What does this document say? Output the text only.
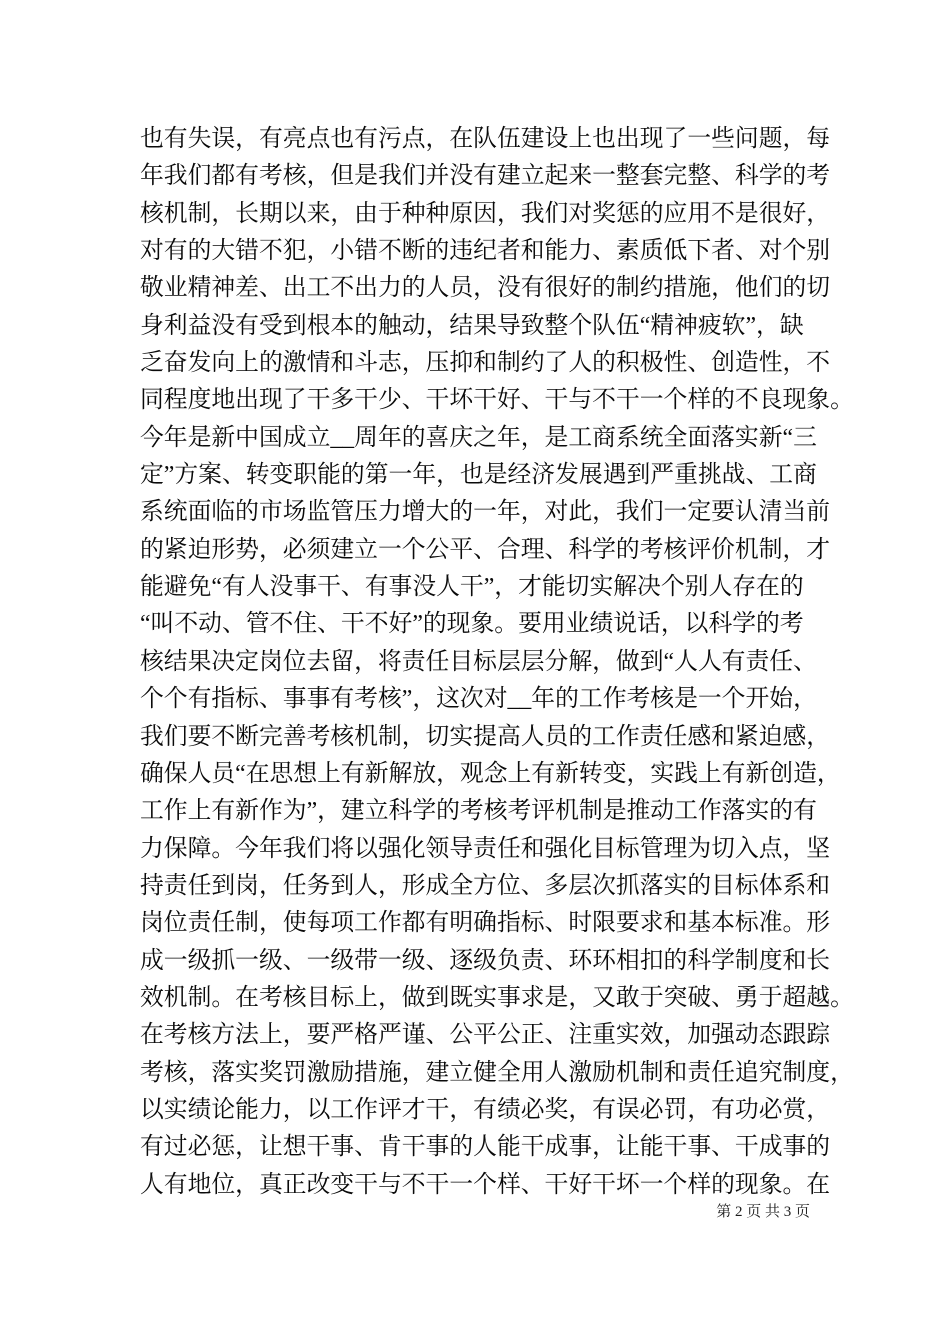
也有失误，有亮点也有污点，在队伍建设上也出现了一些问题，每
年我们都有考核，但是我们并没有建立起来一整套完整、科学的考
核机制，长期以来，由于种种原因，我们对奖惩的应用不是很好，
对有的大错不犯，小错不断的违纪者和能力、素质低下者、对个别
敬业精神差、出工不出力的人员，没有很好的制约措施，他们的切
身利益没有受到根本的触动，结果导致整个队伍“精神疲软”，缺
乏奋发向上的激情和斗志，压抑和制约了人的积极性、创造性，不
同程度地出现了干多干少、干坏干好、干与不干一个样的不良现象。
今年是新中国成立__周年的喜庆之年，是工商系统全面落实新“三
定”方案、转变职能的第一年，也是经济发展遇到严重挑战、工商
系统面临的市场监管压力增大的一年，对此，我们一定要认清当前
的紧迫形势，必须建立一个公平、合理、科学的考核评价机制，才
能避免“有人没事干、有事没人干”，才能切实解决个别人存在的
“叫不动、管不住、干不好”的现象。要用业绩说话，以科学的考
核结果决定岗位去留，将责任目标层层分解，做到“人人有责任、
个个有指标、事事有考核”，这次对__年的工作考核是一个开始，
我们要不断完善考核机制，切实提高人员的工作责任感和紧迫感，
确保人员“在思想上有新解放，观念上有新转变，实践上有新创造，
工作上有新作为”，建立科学的考核考评机制是推动工作落实的有
力保障。今年我们将以强化领导责任和强化目标管理为切入点，坚
持责任到岗，任务到人，形成全方位、多层次抓落实的目标体系和
岗位责任制，使每项工作都有明确指标、时限要求和基本标准。形
成一级抓一级、一级带一级、逐级负责、环环相扣的科学制度和长
效机制。在考核目标上，做到既实事求是，又敢于突破、勇于超越。
在考核方法上，要严格严谨、公平公正、注重实效，加强动态跟踪
考核，落实奖罚激励措施，建立健全用人激励机制和责任追究制度，
以实绩论能力，以工作评才干，有绩必奖，有误必罚，有功必赏，
有过必惩，让想干事、肯干事的人能干成事，让能干事、干成事的
人有地位，真正改变干与不干一个样、干好干坏一个样的现象。在
第 2 页 共 3 页
